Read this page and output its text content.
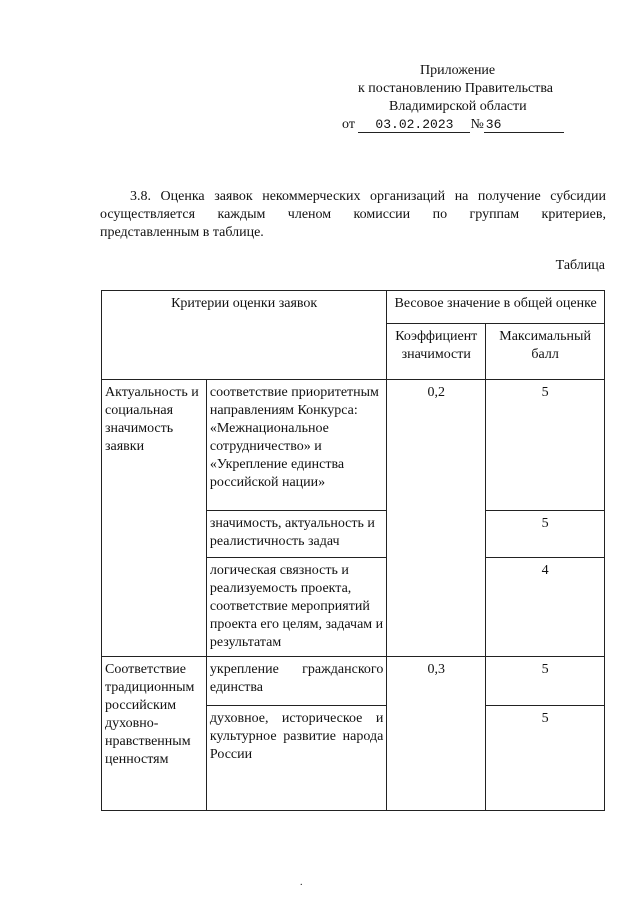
Приложение
к постановлению Правительства
Владимирской области
от 03.02.2023 № 36
3.8. Оценка заявок некоммерческих организаций на получение субсидии
осуществляется каждым членом комиссии по группам критериев,
представленным в таблице.
Таблица
Критерии оценки заявок		Весовое значение в общей оценке	
		Коэффициент значимости	Максимальный балл
Актуальность и социальная значимость заявки	соответствие приоритетным направлениям Конкурса: «Межнациональное сотрудничество» и «Укрепление единства российской нации»	0,2	5
	значимость, актуальность и реалистичность задач		5
	логическая связность и реализуемость проекта, соответствие мероприятий проекта его целям, задачам и результатам		4
Соответствие традиционным российским духовно-нравственным ценностям	укрепление гражданского единства	0,3	5
	духовное, историческое и культурное развитие народа России		5
.
